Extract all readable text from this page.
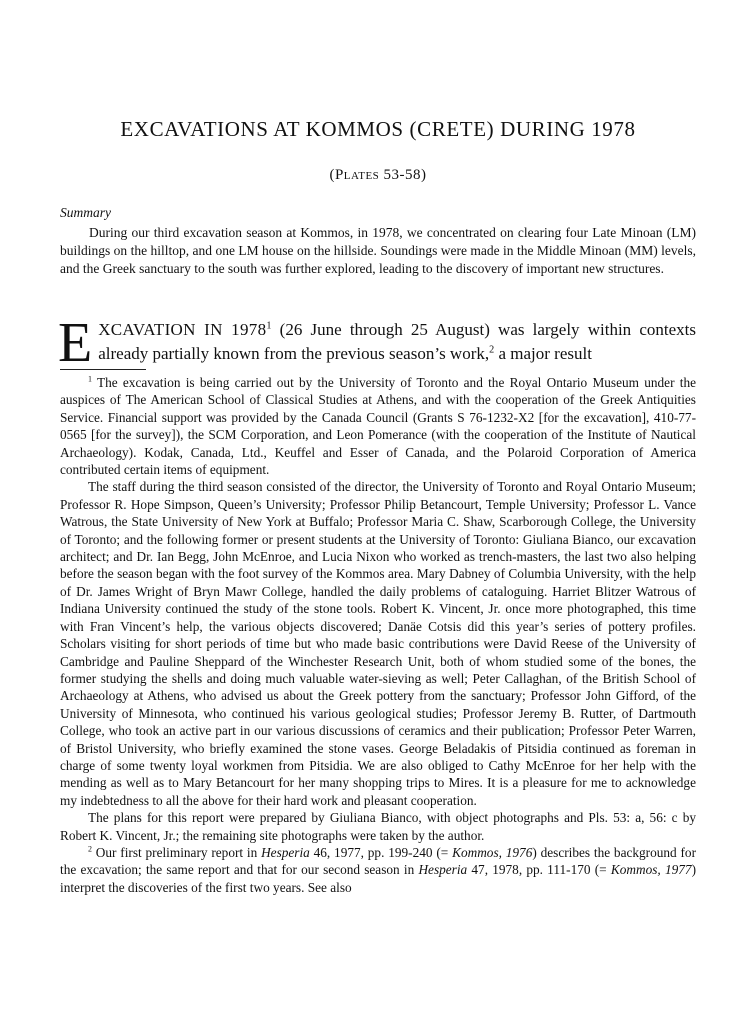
EXCAVATIONS AT KOMMOS (CRETE) DURING 1978
(Plates 53-58)
Summary

During our third excavation season at Kommos, in 1978, we concentrated on clearing four Late Minoan (LM) buildings on the hilltop, and one LM house on the hillside. Soundings were made in the Middle Minoan (MM) levels, and the Greek sanctuary to the south was further explored, leading to the discovery of important new structures.

EXCAVATION IN 1978$^1$ (26 June through 25 August) was largely within contexts already partially known from the previous season’s work,$^2$ a major result

$^1$ The excavation is being carried out by the University of Toronto and the Royal Ontario Museum under the auspices of The American School of Classical Studies at Athens, and with the cooperation of the Greek Antiquities Service. Financial support was provided by the Canada Council (Grants S 76-1232-X2 [for the excavation], 410-77-0565 [for the survey]), the SCM Corporation, and Leon Pomerance (with the cooperation of the Institute of Nautical Archaeology). Kodak, Canada, Ltd., Keuffel and Esser of Canada, and the Polaroid Corporation of America contributed certain items of equipment.

The staff during the third season consisted of the director, the University of Toronto and Royal Ontario Museum; Professor R. Hope Simpson, Queen’s University; Professor Philip Betancourt, Temple University; Professor L. Vance Watrous, the State University of New York at Buffalo; Professor Maria C. Shaw, Scarborough College, the University of Toronto; and the following former or present students at the University of Toronto: Giuliana Bianco, our excavation architect; and Dr. Ian Begg, John McEnroe, and Lucia Nixon who worked as trench-masters, the last two also helping before the season began with the foot survey of the Kommos area. Mary Dabney of Columbia University, with the help of Dr. James Wright of Bryn Mawr College, handled the daily problems of cataloguing. Harriet Blitzer Watrous of Indiana University continued the study of the stone tools. Robert K. Vincent, Jr. once more photographed, this time with Fran Vincent’s help, the various objects discovered; Danäe Cotsis did this year’s series of pottery profiles. Scholars visiting for short periods of time but who made basic contributions were David Reese of the University of Cambridge and Pauline Sheppard of the Winchester Research Unit, both of whom studied some of the bones, the former studying the shells and doing much valuable water-sieving as well; Peter Callaghan, of the British School of Archaeology at Athens, who advised us about the Greek pottery from the sanctuary; Professor John Gifford, of the University of Minnesota, who continued his various geological studies; Professor Jeremy B. Rutter, of Dartmouth College, who took an active part in our various discussions of ceramics and their publication; Professor Peter Warren, of Bristol University, who briefly examined the stone vases. George Beladakis of Pitsidia continued as foreman in charge of some twenty loyal workmen from Pitsidia. We are also obliged to Cathy McEnroe for her help with the mending as well as to Mary Betancourt for her many shopping trips to Mires. It is a pleasure for me to acknowledge my indebtedness to all the above for their hard work and pleasant cooperation.

The plans for this report were prepared by Giuliana Bianco, with object photographs and Pls. 53: a, 56: c by Robert K. Vincent, Jr.; the remaining site photographs were taken by the author.

$^2$ Our first preliminary report in Hesperia 46, 1977, pp. 199-240 (= Kommos, 1976) describes the background for the excavation; the same report and that for our second season in Hesperia 47, 1978, pp. 111-170 (= Kommos, 1977) interpret the discoveries of the first two years. See also
